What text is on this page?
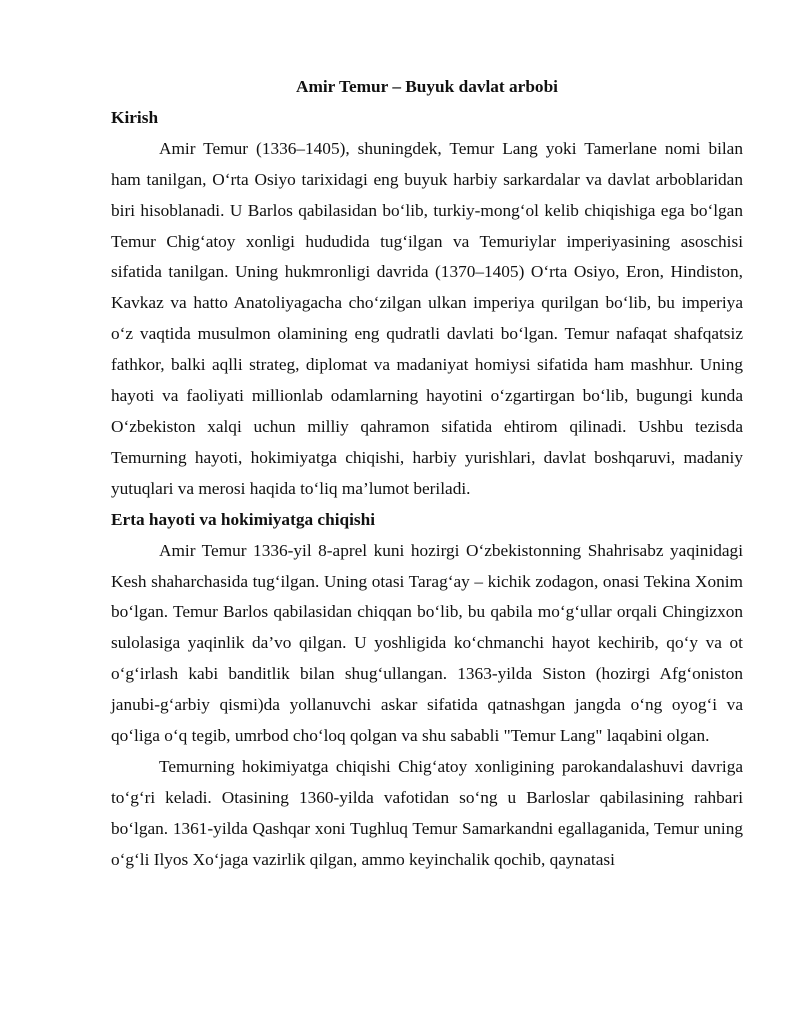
Amir Temur – Buyuk davlat arbobi

Kirish

Amir Temur (1336–1405), shuningdek, Temur Lang yoki Tamerlane nomi bilan ham tanilgan, O‘rta Osiyo tarixidagi eng buyuk harbiy sarkardalar va davlat arboblaridan biri hisoblanadi. U Barlos qabilasidan bo‘lib, turkiy-mong‘ol kelib chiqishiga ega bo‘lgan Temur Chig‘atoy xonligi hududida tug‘ilgan va Temuriylar imperiyasining asoschisi sifatida tanilgan. Uning hukmronligi davrida (1370–1405) O‘rta Osiyo, Eron, Hindiston, Kavkaz va hatto Anatoliyagacha cho‘zilgan ulkan imperiya qurilgan bo‘lib, bu imperiya o‘z vaqtida musulmon olamining eng qudratli davlati bo‘lgan. Temur nafaqat shafqatsiz fathkor, balki aqlli strateg, diplomat va madaniyat homiysi sifatida ham mashhur. Uning hayoti va faoliyati millionlab odamlarning hayotini o‘zgartirgan bo‘lib, bugungi kunda O‘zbekiston xalqi uchun milliy qahramon sifatida ehtirom qilinadi. Ushbu tezisda Temurning hayoti, hokimiyatga chiqishi, harbiy yurishlari, davlat boshqaruvi, madaniy yutuqlari va merosi haqida to‘liq ma’lumot beriladi.

Erta hayoti va hokimiyatga chiqishi

Amir Temur 1336-yil 8-aprel kuni hozirgi O‘zbekistonning Shahrisabz yaqinidagi Kesh shaharchasida tug‘ilgan. Uning otasi Tarag‘ay – kichik zodagon, onasi Tekina Xonim bo‘lgan. Temur Barlos qabilasidan chiqqan bo‘lib, bu qabila mo‘g‘ullar orqali Chingizxon sulolasiga yaqinlik da’vo qilgan. U yoshligida ko‘chmanchi hayot kechirib, qo‘y va ot o‘g‘irlash kabi banditlik bilan shug‘ullangan. 1363-yilda Siston (hozirgi Afg‘oniston janubi-g‘arbiy qismi)da yollanuvchi askar sifatida qatnashgan jangda o‘ng oyog‘i va qo‘liga o‘q tegib, umrbod cho‘loq qolgan va shu sababli "Temur Lang" laqabini olgan.

Temurning hokimiyatga chiqishi Chig‘atoy xonligining parokandalashuvi davriga to‘g‘ri keladi. Otasining 1360-yilda vafotidan so‘ng u Barloslar qabilasining rahbari bo‘lgan. 1361-yilda Qashqar xoni Tughluq Temur Samarkandni egallaganida, Temur uning o‘g‘li Ilyos Xo‘jaga vazirlik qilgan, ammo keyinchalik qochib, qaynatasi
